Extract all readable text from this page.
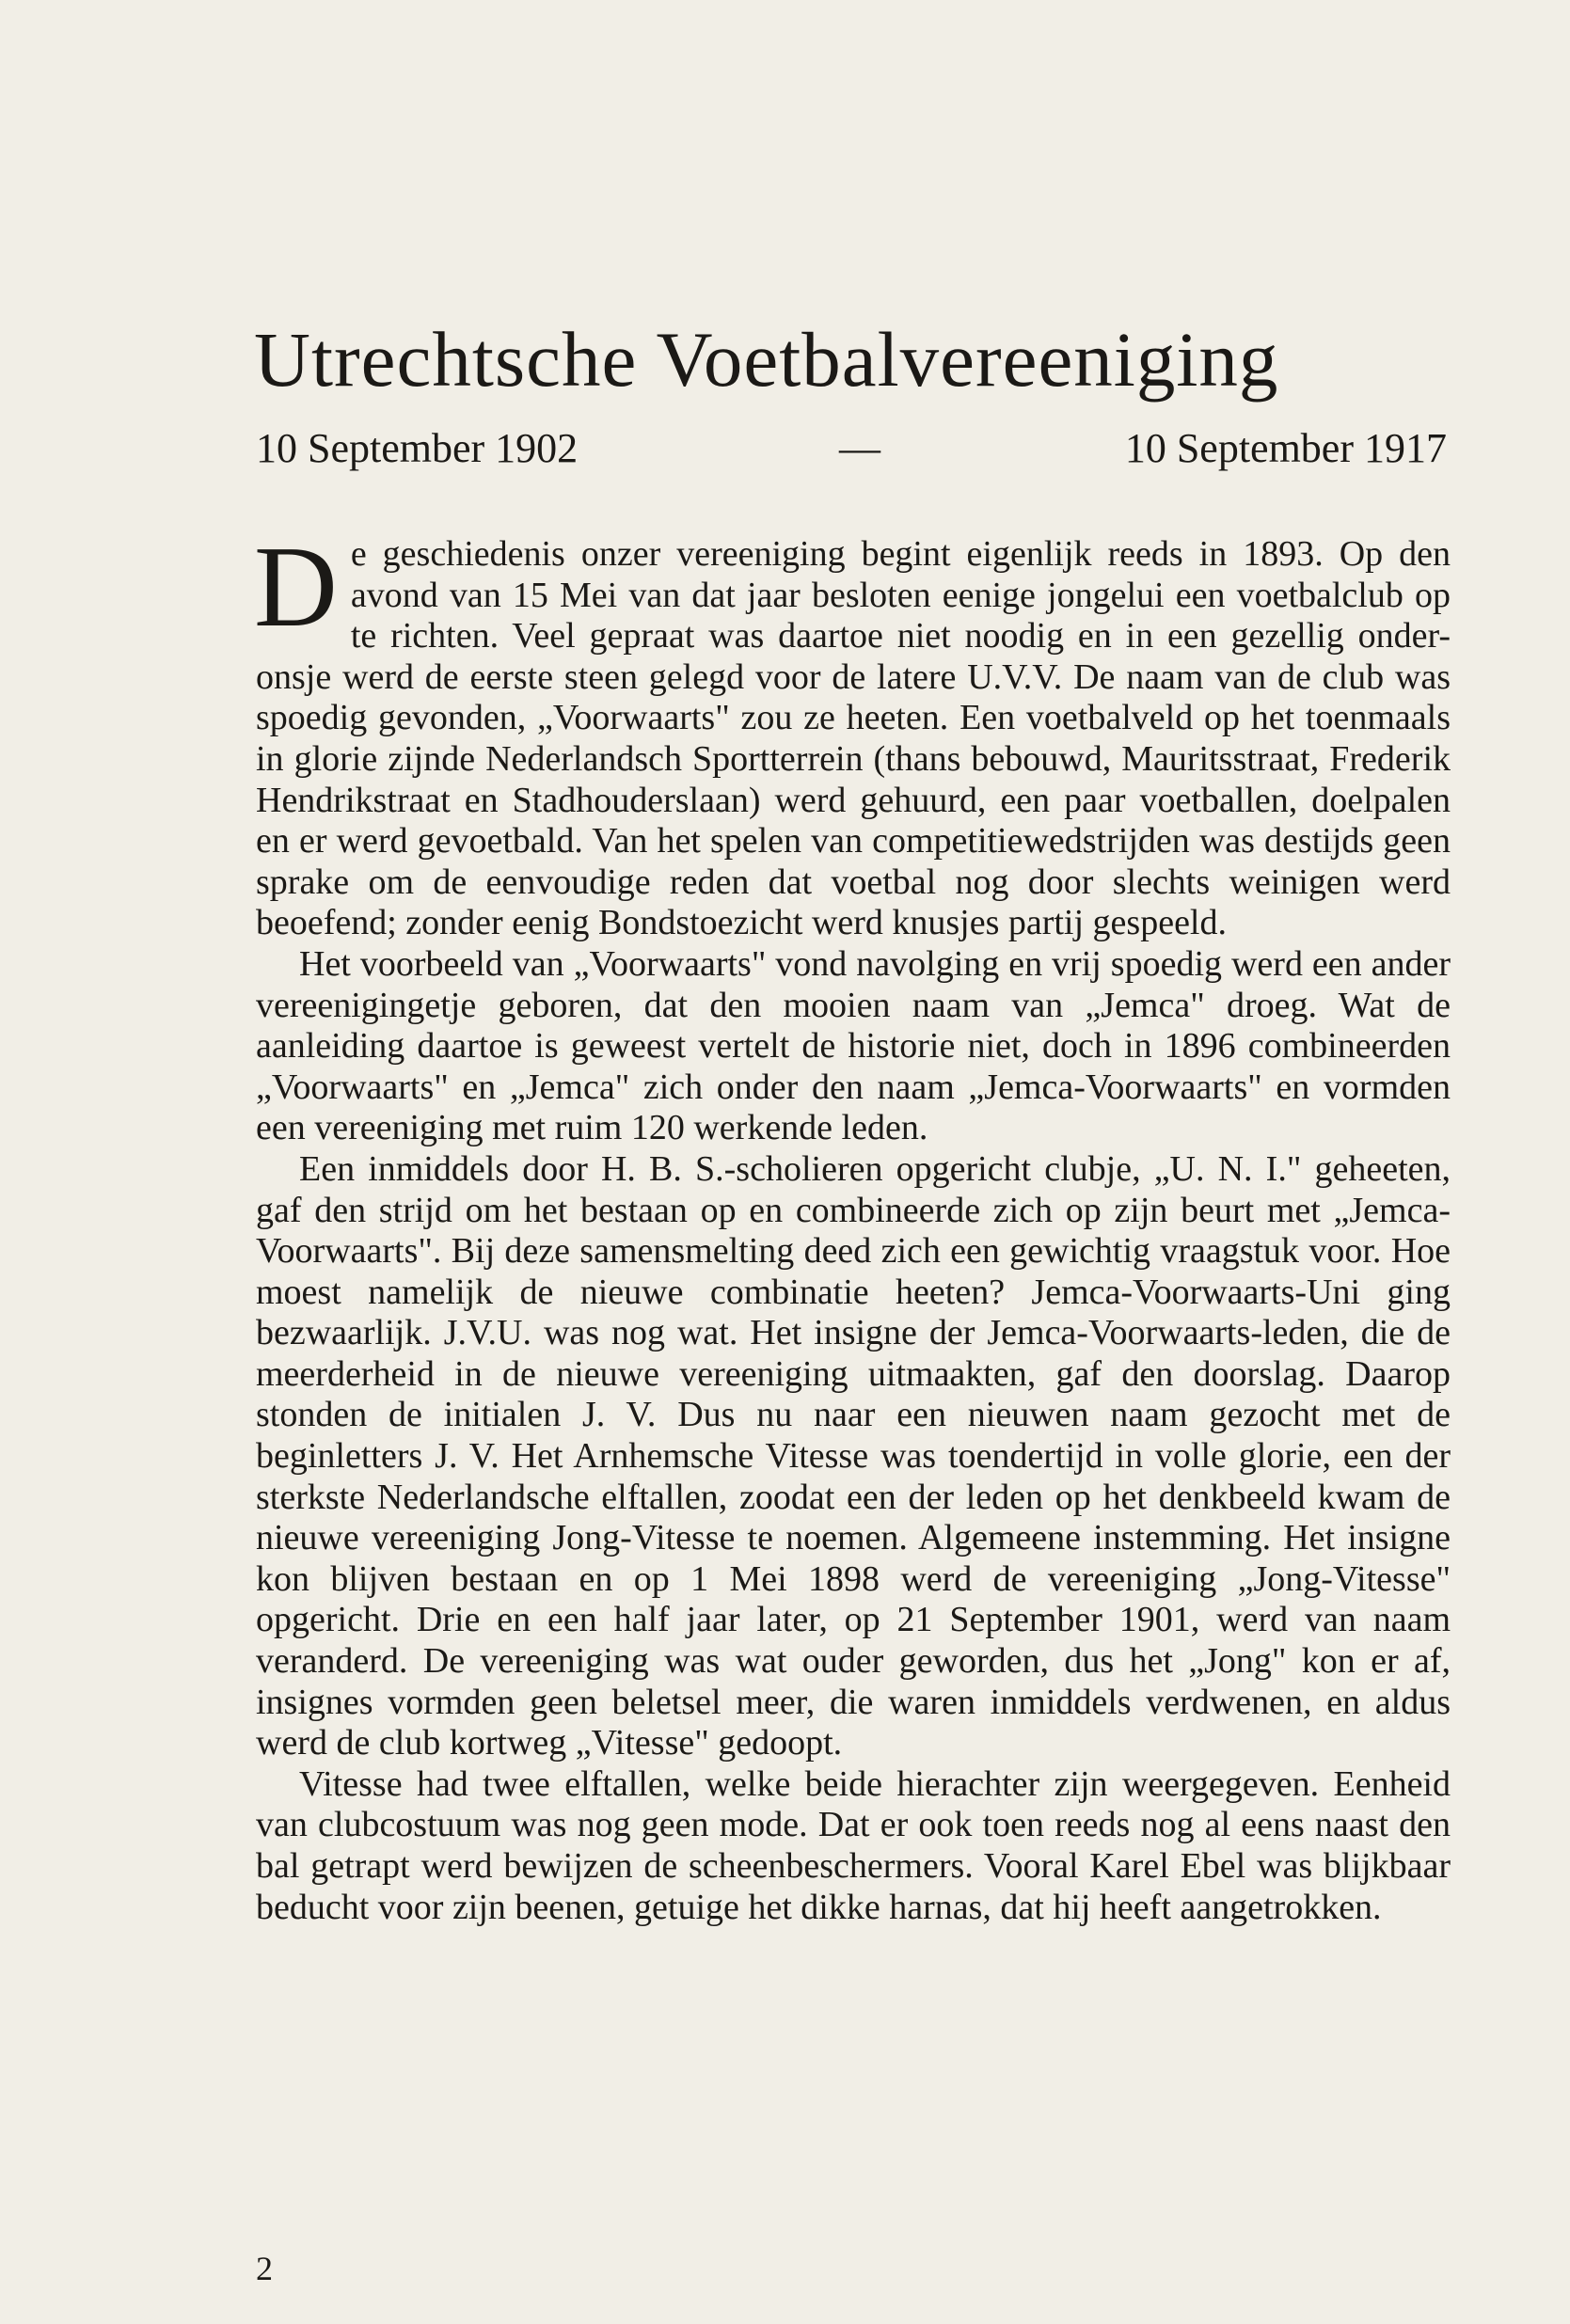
Utrechtsche Voetbalvereeniging
10 September 1902	—	10 September 1917

De geschiedenis onzer vereeniging begint eigenlijk reeds in 1893. Op den avond van 15 Mei van dat jaar besloten eenige jongelui een voetbalclub op te richten. Veel gepraat was daartoe niet noodig en in een gezellig onder-onsje werd de eerste steen gelegd voor de latere U.V.V. De naam van de club was spoedig gevonden, „Voorwaarts" zou ze heeten. Een voetbalveld op het toenmaals in glorie zijnde Nederlandsch Sportterrein (thans bebouwd, Mauritsstraat, Frederik Hendrikstraat en Stadhouderslaan) werd gehuurd, een paar voetballen, doelpalen en er werd gevoetbald. Van het spelen van competitiewedstrijden was destijds geen sprake om de eenvoudige reden dat voetbal nog door slechts weinigen werd beoefend; zonder eenig Bondstoezicht werd knusjes partij gespeeld.

Het voorbeeld van „Voorwaarts" vond navolging en vrij spoedig werd een ander vereenigingetje geboren, dat den mooien naam van „Jemca" droeg. Wat de aanleiding daartoe is geweest vertelt de historie niet, doch in 1896 combineerden „Voorwaarts" en „Jemca" zich onder den naam „Jemca-Voorwaarts" en vormden een vereeniging met ruim 120 werkende leden.

Een inmiddels door H. B. S.-scholieren opgericht clubje, „U. N. I." geheeten, gaf den strijd om het bestaan op en combineerde zich op zijn beurt met „Jemca-Voorwaarts". Bij deze samensmelting deed zich een gewichtig vraagstuk voor. Hoe moest namelijk de nieuwe combinatie heeten? Jemca-Voorwaarts-Uni ging bezwaarlijk. J.V.U. was nog wat. Het insigne der Jemca-Voorwaarts-leden, die de meerderheid in de nieuwe vereeniging uitmaakten, gaf den doorslag. Daarop stonden de initialen J. V. Dus nu naar een nieuwen naam gezocht met de beginletters J. V. Het Arnhemsche Vitesse was toendertijd in volle glorie, een der sterkste Nederlandsche elftallen, zoodat een der leden op het denkbeeld kwam de nieuwe vereeniging Jong-Vitesse te noemen. Algemeene instemming. Het insigne kon blijven bestaan en op 1 Mei 1898 werd de vereeniging „Jong-Vitesse" opgericht. Drie en een half jaar later, op 21 September 1901, werd van naam veranderd. De vereeniging was wat ouder geworden, dus het „Jong" kon er af, insignes vormden geen beletsel meer, die waren inmiddels verdwenen, en aldus werd de club kortweg „Vitesse" gedoopt.

Vitesse had twee elftallen, welke beide hierachter zijn weergegeven. Eenheid van clubcostuum was nog geen mode. Dat er ook toen reeds nog al eens naast den bal getrapt werd bewijzen de scheenbeschermers. Vooral Karel Ebel was blijkbaar beducht voor zijn beenen, getuige het dikke harnas, dat hij heeft aangetrokken.

2
